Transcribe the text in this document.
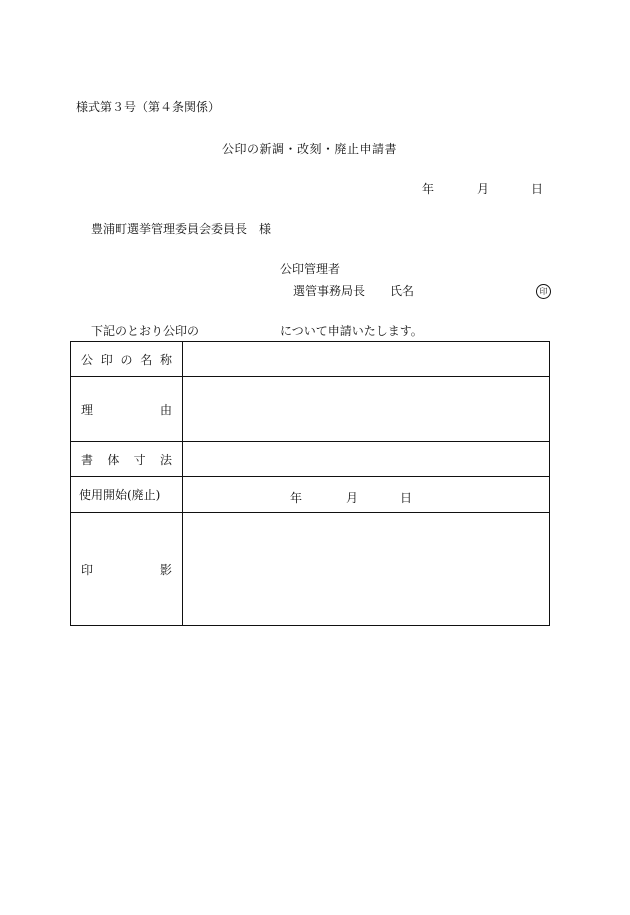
様式第３号（第４条関係）
公印の新調・改刻・廃止申請書
年	月	日
豊浦町選挙管理委員会委員長　様
公印管理者
選管事務局長 氏名	印
下記のとおり公印の	について申請いたします。
公 印 の 名 称	

理 由	

書 体 寸 法	

使用開始(廃止)	年 月 日

印 影	
